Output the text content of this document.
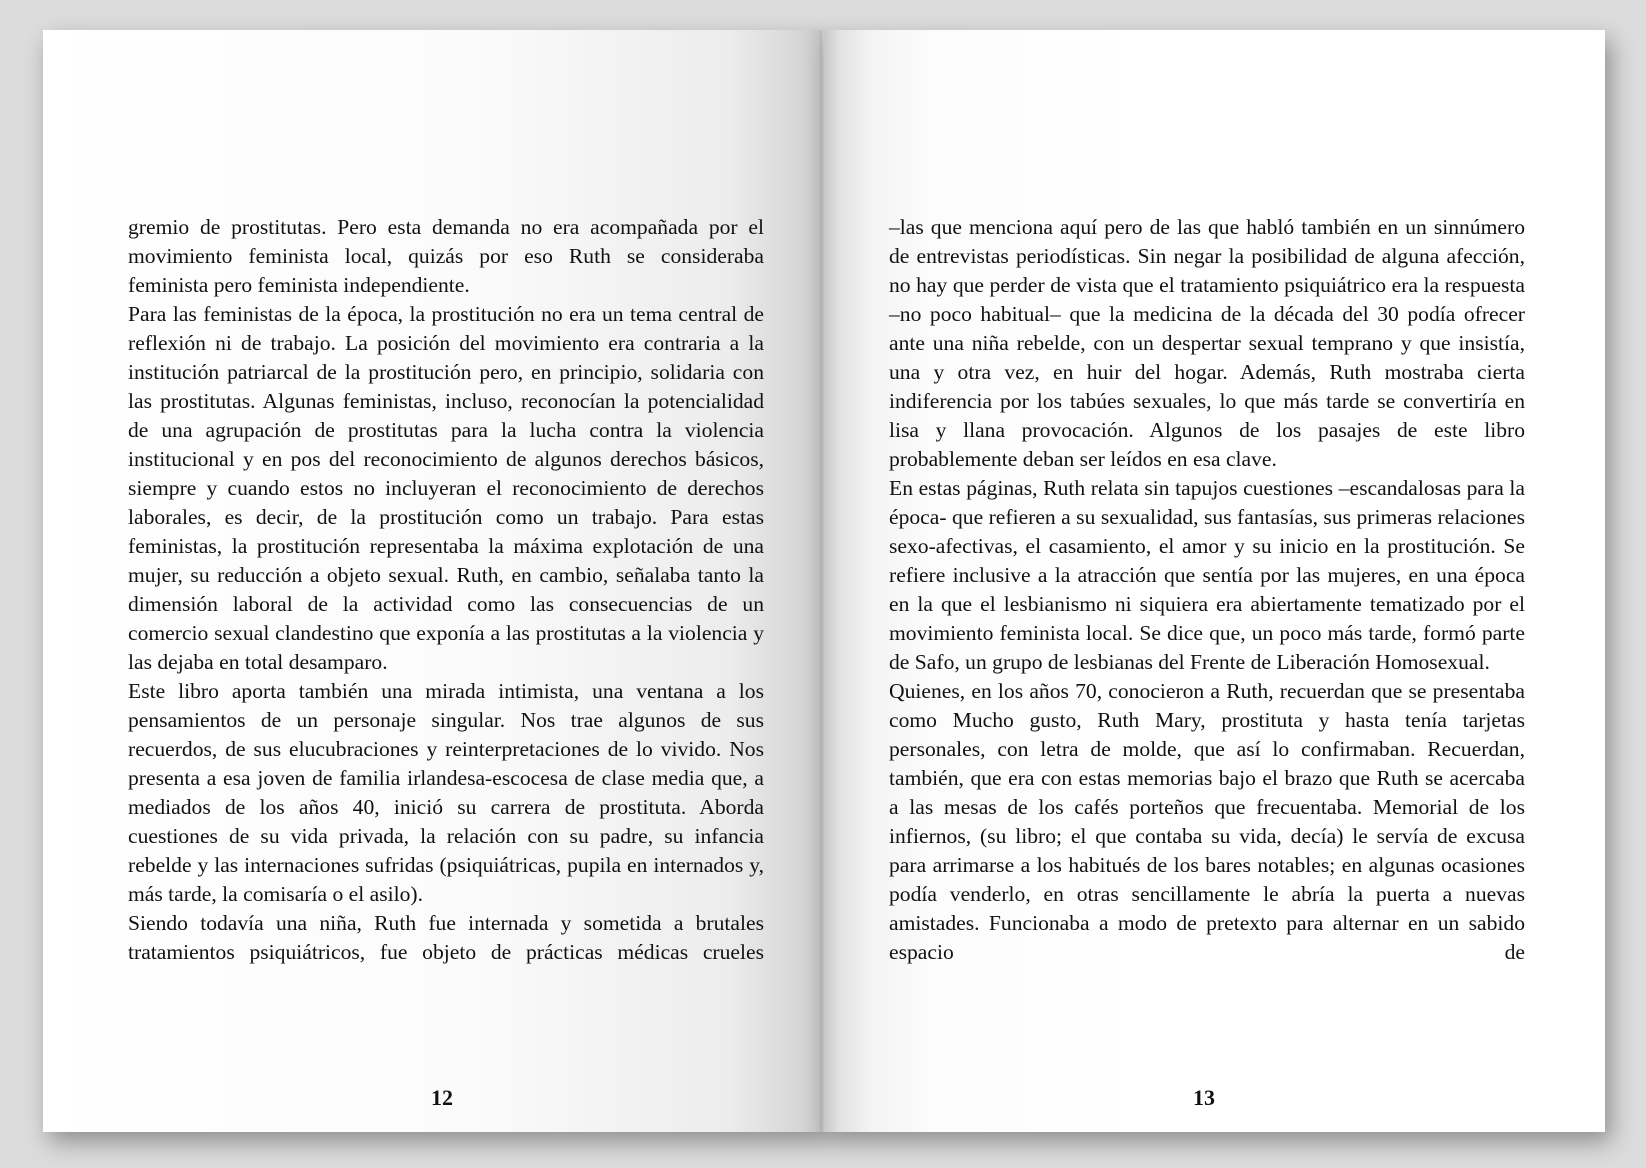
gremio de prostitutas. Pero esta demanda no era acompañada por el movimiento feminista local, quizás por eso Ruth se consideraba feminista pero feminista independiente.

Para las feministas de la época, la prostitución no era un tema central de reflexión ni de trabajo. La posición del movimiento era contraria a la institución patriarcal de la prostitución pero, en principio, solidaria con las prostitutas. Algunas feministas, incluso, reconocían la potencialidad de una agrupación de prostitutas para la lucha contra la violencia institucional y en pos del reconocimiento de algunos derechos básicos, siempre y cuando estos no incluyeran el reconocimiento de derechos laborales, es decir, de la prostitución como un trabajo. Para estas feministas, la prostitución representaba la máxima explotación de una mujer, su reducción a objeto sexual. Ruth, en cambio, señalaba tanto la dimensión laboral de la actividad como las consecuencias de un comercio sexual clandestino que exponía a las prostitutas a la violencia y las dejaba en total desamparo.

Este libro aporta también una mirada intimista, una ventana a los pensamientos de un personaje singular. Nos trae algunos de sus recuerdos, de sus elucubraciones y reinterpretaciones de lo vivido. Nos presenta a esa joven de familia irlandesa-escocesa de clase media que, a mediados de los años 40, inició su carrera de prostituta. Aborda cuestiones de su vida privada, la relación con su padre, su infancia rebelde y las internaciones sufridas (psiquiátricas, pupila en internados y, más tarde, la comisaría o el asilo).

Siendo todavía una niña, Ruth fue internada y sometida a brutales tratamientos psiquiátricos, fue objeto de prácticas médicas crueles

12

–las que menciona aquí pero de las que habló también en un sinnúmero de entrevistas periodísticas. Sin negar la posibilidad de alguna afección, no hay que perder de vista que el tratamiento psiquiátrico era la respuesta –no poco habitual– que la medicina de la década del 30 podía ofrecer ante una niña rebelde, con un despertar sexual temprano y que insistía, una y otra vez, en huir del hogar. Además, Ruth mostraba cierta indiferencia por los tabúes sexuales, lo que más tarde se convertiría en lisa y llana provocación. Algunos de los pasajes de este libro probablemente deban ser leídos en esa clave.

En estas páginas, Ruth relata sin tapujos cuestiones –escandalosas para la época- que refieren a su sexualidad, sus fantasías, sus primeras relaciones sexo-afectivas, el casamiento, el amor y su inicio en la prostitución. Se refiere inclusive a la atracción que sentía por las mujeres, en una época en la que el lesbianismo ni siquiera era abiertamente tematizado por el movimiento feminista local. Se dice que, un poco más tarde, formó parte de Safo, un grupo de lesbianas del Frente de Liberación Homosexual.

Quienes, en los años 70, conocieron a Ruth, recuerdan que se presentaba como Mucho gusto, Ruth Mary, prostituta y hasta tenía tarjetas personales, con letra de molde, que así lo confirmaban. Recuerdan, también, que era con estas memorias bajo el brazo que Ruth se acercaba a las mesas de los cafés porteños que frecuentaba. Memorial de los infiernos, (su libro; el que contaba su vida, decía) le servía de excusa para arrimarse a los habitués de los bares notables; en algunas ocasiones podía venderlo, en otras sencillamente le abría la puerta a nuevas amistades. Funcionaba a modo de pretexto para alternar en un sabido espacio de

13
